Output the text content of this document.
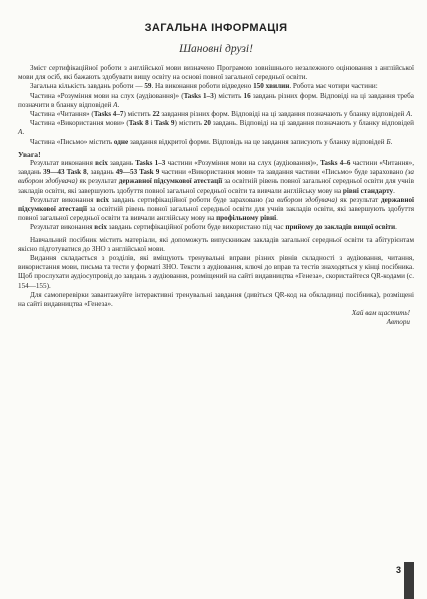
ЗАГАЛЬНА ІНФОРМАЦІЯ
Шановні друзі!

Зміст сертифікаційної роботи з англійської мови визначено Програмою зовнішнього незалежного оцінювання з англійської мови для осіб, які бажають здобувати вищу освіту на основі повної загальної середньої освіти.

Загальна кількість завдань роботи — 59. На виконання роботи відведено 150 хвилин. Робота має чотири частини:

Частина «Розуміння мови на слух (аудіювання)» (Tasks 1–3) містить 16 завдань різних форм. Відповіді на ці завдання треба позначити в бланку відповідей А.

Частина «Читання» (Tasks 4–7) містить 22 завдання різних форм. Відповіді на ці завдання позначають у бланку відповідей А.

Частина «Використання мови» (Task 8 і Task 9) містить 20 завдань. Відповіді на ці завдання позначають у бланку відповідей А.

Частина «Письмо» містить одне завдання відкритої форми. Відповідь на це завдання записують у бланку відповідей Б.

Увага!

Результат виконання всіх завдань Tasks 1–3 частини «Розуміння мови на слух (аудіювання)», Tasks 4–6 частини «Читання», завдань 39—43 Task 8, завдань 49—53 Task 9 частини «Використання мови» та завдання частини «Письмо» буде зараховано (за вибором здобувача) як результат державної підсумкової атестації за освітній рівень повної загальної середньої освіти для учнів закладів освіти, які завершують здобуття повної загальної середньої освіти та вивчали англійську мову на рівні стандарту.

Результат виконання всіх завдань сертифікаційної роботи буде зараховано (за вибором здобувача) як результат державної підсумкової атестації за освітній рівень повної загальної середньої освіти для учнів закладів освіти, які завершують здобуття повної загальної середньої освіти та вивчали англійську мову на профільному рівні.

Результат виконання всіх завдань сертифікаційної роботи буде використано під час прийому до закладів вищої освіти.

Навчальний посібник містить матеріали, які допоможуть випускникам закладів загальної середньої освіти та абітурієнтам якісно підготуватися до ЗНО з англійської мови.

Видання складається з розділів, які вміщують тренувальні вправи різних рівнів складності з аудіювання, читання, використання мови, письма та тести у форматі ЗНО. Тексти з аудіювання, ключі до вправ та тестів знаходяться у кінці посібника. Щоб прослухати аудіосупровід до завдань з аудіювання, розміщений на сайті видавництва «Генеза», скористайтеся QR-кодами (с. 154—155).

Для самоперевірки завантажуйте інтерактивні тренувальні завдання (дивіться QR-код на обкладинці посібника), розміщені на сайті видавництва «Генеза».

Хай вам щастить!

Автори

3
